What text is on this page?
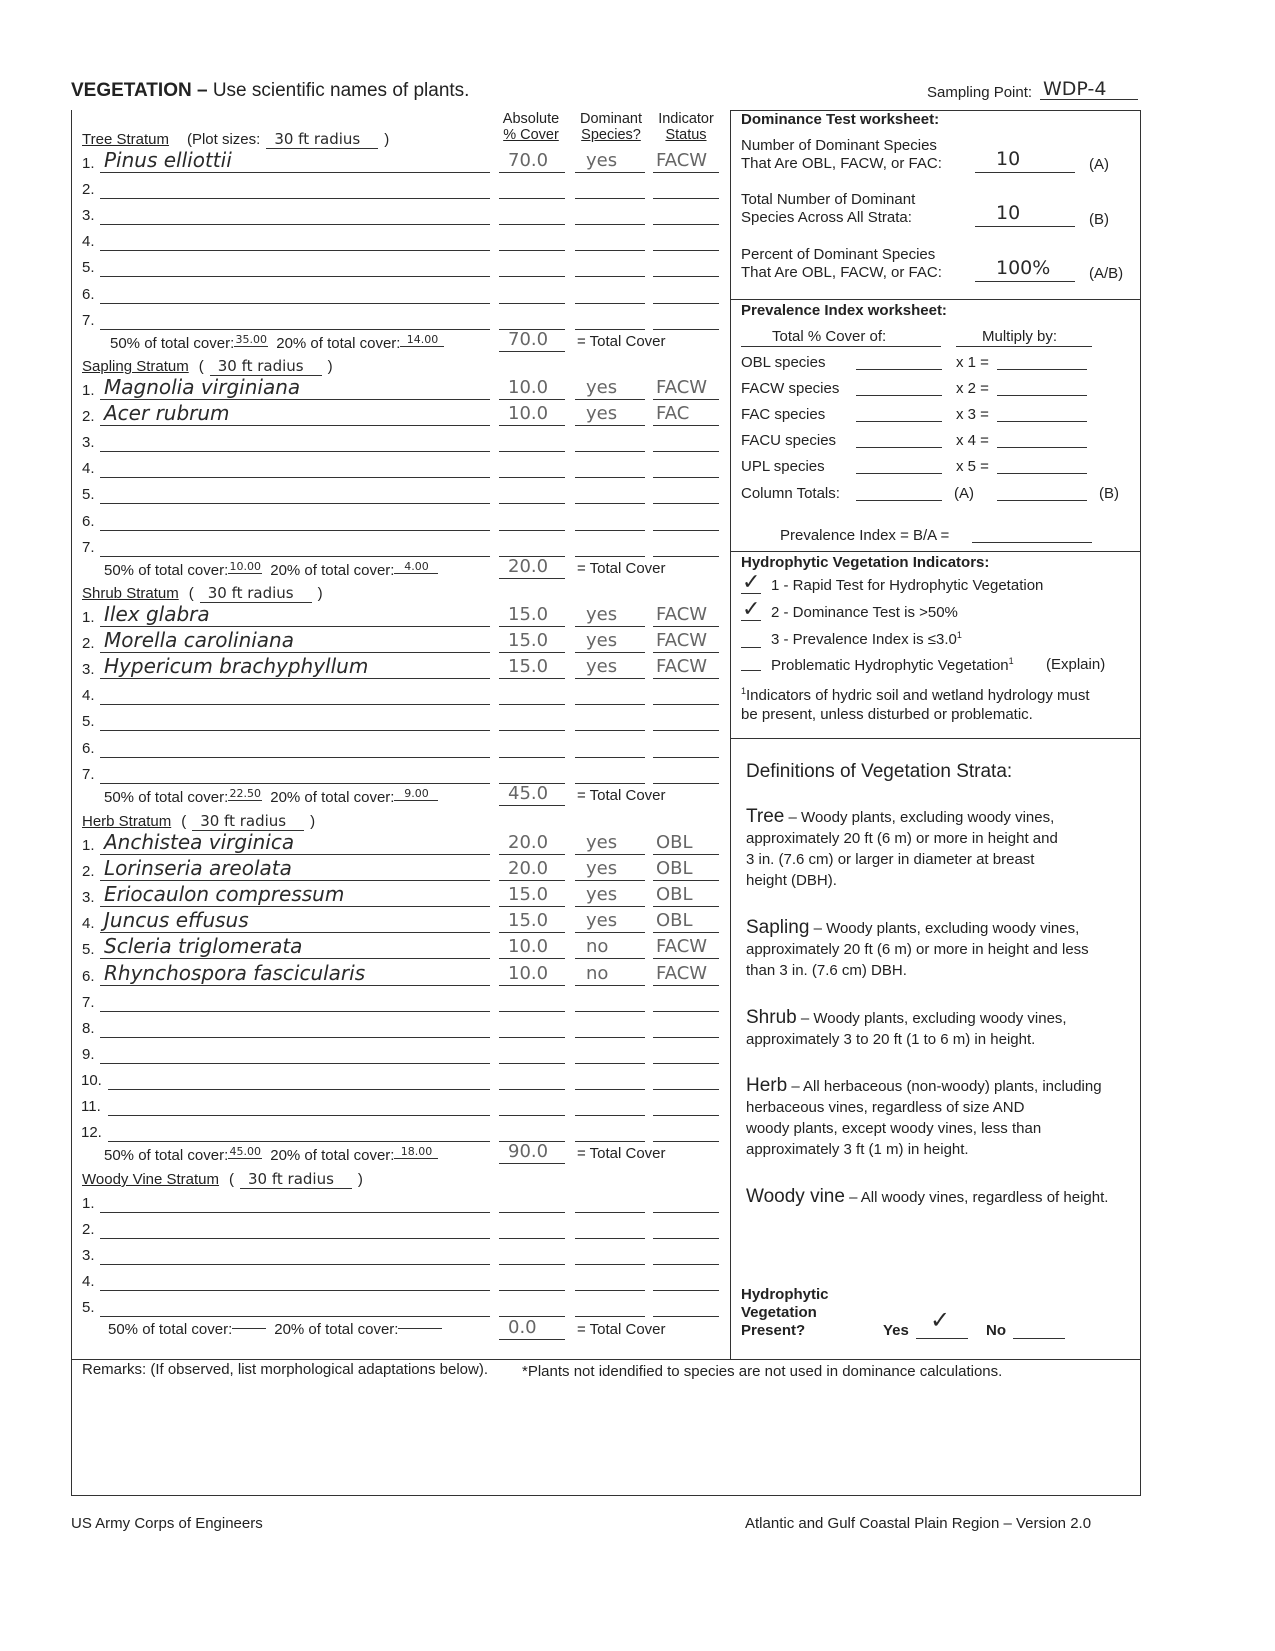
VEGETATION – Use scientific names of plants.	Sampling Point: WDP-4
Absolute
% Cover
Dominant
Species?
Indicator
Status
Tree Stratum (Plot sizes: 30 ft radius )
1. Pinus elliottii	70.0 yes FACW
2.
3.
4.
5.
6.
7.
50% of total cover:35.00 20% of total cover: 14.00	70.0 = Total Cover
Sapling Stratum ( 30 ft radius )
1. Magnolia virginiana	10.0 yes FACW
2. Acer rubrum	10.0 yes FAC
3.
4.
5.
6.
7.
50% of total cover:10.00 20% of total cover: 4.00	20.0 = Total Cover
Shrub Stratum ( 30 ft radius )
1. Ilex glabra	15.0 yes FACW
2. Morella caroliniana	15.0 yes FACW
3. Hypericum brachyphyllum	15.0 yes FACW
4.
5.
6.
7.
50% of total cover:22.50 20% of total cover: 9.00	45.0 = Total Cover
Herb Stratum ( 30 ft radius )
1. Anchistea virginica	20.0 yes OBL
2. Lorinseria areolata	20.0 yes OBL
3. Eriocaulon compressum	15.0 yes OBL
4. Juncus effusus	15.0 yes OBL
5. Scleria triglomerata	10.0 no	FACW
6. Rhynchospora fascicularis	10.0 no	FACW
7.
8.
9.
10.
11.
12.
50% of total cover:45.00 20% of total cover: 18.00	90.0 = Total Cover
Woody Vine Stratum ( 30 ft radius )
1.
2.
3.
4.
5.
50% of total cover:	20% of total cover:	0.0	= Total Cover
Dominance Test worksheet:
Number of Dominant Species
That Are OBL, FACW, or FAC:	10	(A)
Total Number of Dominant
Species Across All Strata:	10	(B)
Percent of Dominant Species
That Are OBL, FACW, or FAC:	100%	(A/B)
Prevalence Index worksheet:
Total % Cover of:	Multiply by:
OBL species	x 1 =
FACW species	x 2 =
FAC species	x 3 =
FACU species	x 4 =
UPL species	x 5 =
Column Totals:	(A)	(B)
Prevalence Index = B/A =
Hydrophytic Vegetation Indicators:
✓ 1 - Rapid Test for Hydrophytic Vegetation
✓ 2 - Dominance Test is >50%
3 - Prevalence Index is $\le 3.0^1$
Problematic Hydrophytic Vegetation$^1$ (Explain)
$^1$Indicators of hydric soil and wetland hydrology must
be present, unless disturbed or problematic.
Definitions of Vegetation Strata:
Tree – Woody plants, excluding woody vines,
approximately 20 ft (6 m) or more in height and
3 in. (7.6 cm) or larger in diameter at breast
height (DBH).
Sapling – Woody plants, excluding woody vines,
approximately 20 ft (6 m) or more in height and less
than 3 in. (7.6 cm) DBH.
Shrub – Woody plants, excluding woody vines,
approximately 3 to 20 ft (1 to 6 m) in height.
Herb – All herbaceous (non-woody) plants, including
herbaceous vines, regardless of size AND
woody plants, except woody vines, less than
approximately 3 ft (1 m) in height.
Woody vine – All woody vines, regardless of height.
Hydrophytic
Vegetation
Present?	Yes ✓ No
Remarks: (If observed, list morphological adaptations below). *Plants not idendified to species are not used in dominance calculations.
US Army Corps of Engineers	Atlantic and Gulf Coastal Plain Region – Version 2.0
